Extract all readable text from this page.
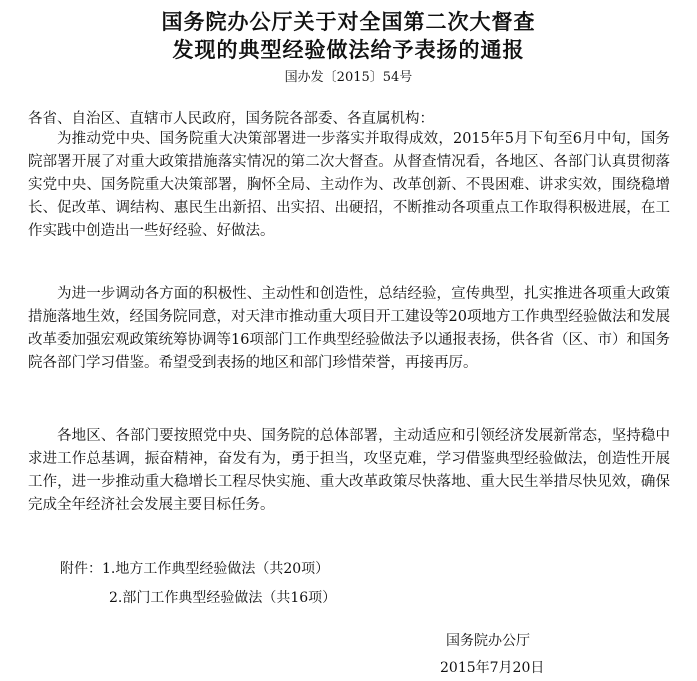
国务院办公厅关于对全国第二次大督查
发现的典型经验做法给予表扬的通报
国办发〔2015〕54号
各省、自治区、直辖市人民政府，国务院各部委、各直属机构：

为推动党中央、国务院重大决策部署进一步落实并取得成效，2015年5月下旬至6月中旬，国务院部署开展了对重大政策措施落实情况的第二次大督查。从督查情况看，各地区、各部门认真贯彻落实党中央、国务院重大决策部署，胸怀全局、主动作为、改革创新、不畏困难、讲求实效，围绕稳增长、促改革、调结构、惠民生出新招、出实招、出硬招，不断推动各项重点工作取得积极进展，在工作实践中创造出一些好经验、好做法。

为进一步调动各方面的积极性、主动性和创造性，总结经验，宣传典型，扎实推进各项重大政策措施落地生效，经国务院同意，对天津市推动重大项目开工建设等20项地方工作典型经验做法和发展改革委加强宏观政策统筹协调等16项部门工作典型经验做法予以通报表扬，供各省（区、市）和国务院各部门学习借鉴。希望受到表扬的地区和部门珍惜荣誉，再接再厉。

各地区、各部门要按照党中央、国务院的总体部署，主动适应和引领经济发展新常态，坚持稳中求进工作总基调，振奋精神，奋发有为，勇于担当，攻坚克难，学习借鉴典型经验做法，创造性开展工作，进一步推动重大稳增长工程尽快实施、重大改革政策尽快落地、重大民生举措尽快见效，确保完成全年经济社会发展主要目标任务。

附件：1.地方工作典型经验做法（共20项）
2.部门工作典型经验做法（共16项）
国务院办公厅
2015年7月20日
